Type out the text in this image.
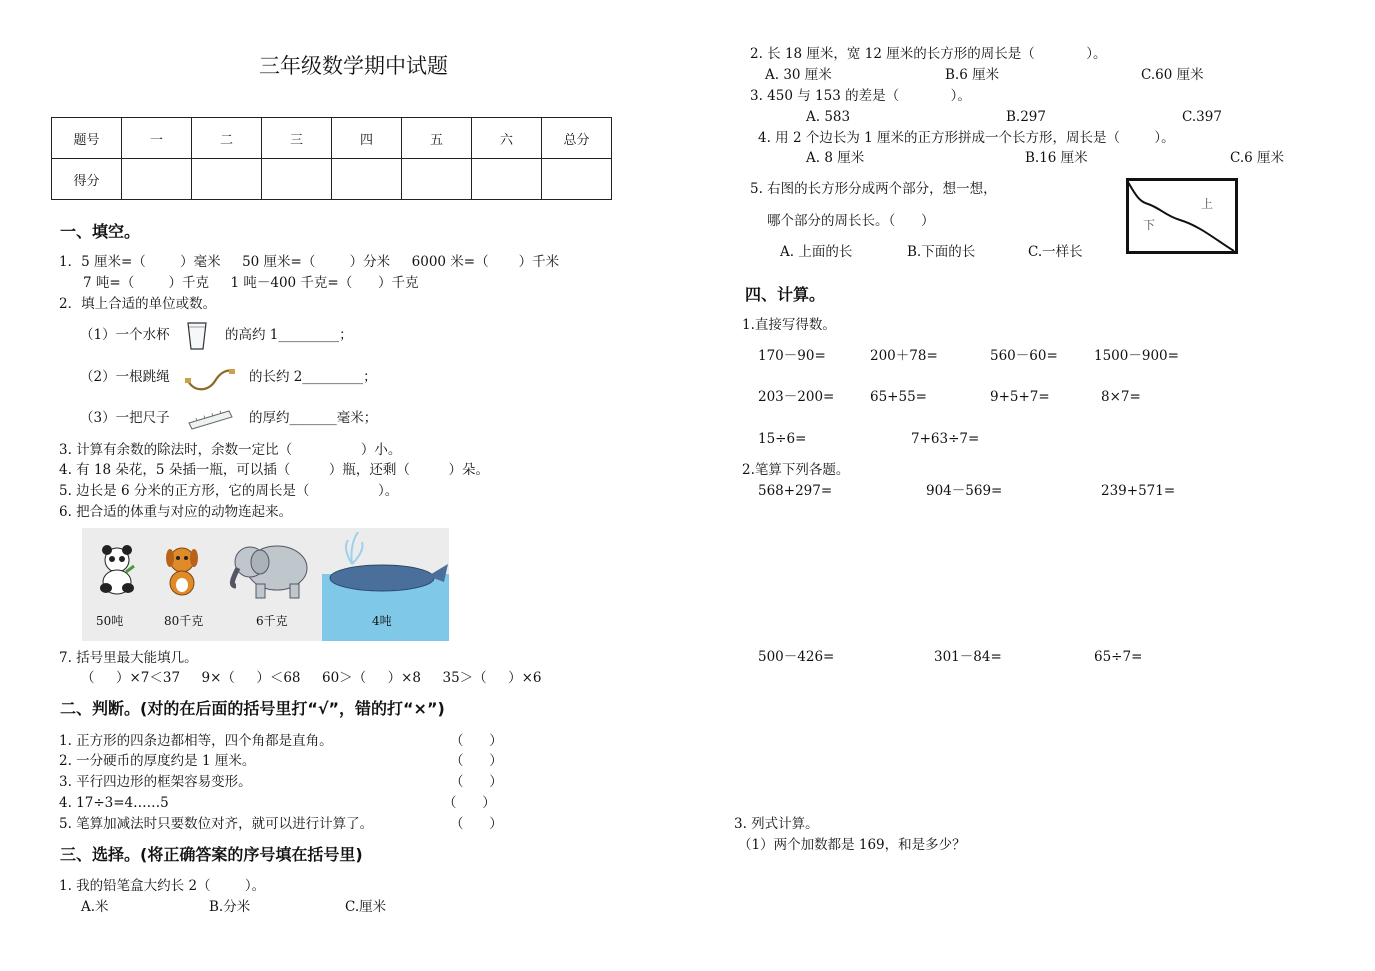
三年级数学期中试题
题号	一	二	三	四	五	六	总分
得分							
一、填空。
1．5 厘米=（        ）毫米     50 厘米=（        ）分米     6000 米=（       ）千米
7 吨=（        ）千克     1 吨－400 千克=（      ）千克
2．填上合适的单位或数。
（1）一个水杯	的高约 1_________；
（2）一根跳绳	的长约 2_________；
（3）一把尺子	的厚约_______毫米；
3. 计算有余数的除法时，余数一定比（                ）小。
4. 有 18 朵花，5 朵插一瓶，可以插（         ）瓶，还剩（         ）朵。
5. 边长是 6 分米的正方形，它的周长是（                ）。
6. 把合适的体重与对应的动物连起来。
50吨	80千克	6千克	4吨
7. 括号里最大能填几。
（     ）×7＜37     9×（     ）＜68     60＞（     ）×8     35＞（     ）×6
二、判断。(对的在后面的括号里打“√”，错的打“×”)
1. 正方形的四条边都相等，四个角都是直角。	（      ）
2. 一分硬币的厚度约是 1 厘米。	（      ）
3. 平行四边形的框架容易变形。	（      ）
4. 17÷3=4……5	（      ）
5. 笔算加减法时只要数位对齐，就可以进行计算了。	（      ）
三、选择。(将正确答案的序号填在括号里)
1. 我的铅笔盒大约长 2（        ）。
A.米	B.分米	C.厘米
2. 长 18 厘米，宽 12 厘米的长方形的周长是（            ）。
A. 30 厘米	B.6 厘米	C.60 厘米
3. 450 与 153 的差是（            ）。
A. 583	B.297	C.397
4. 用 2 个边长为 1 厘米的正方形拼成一个长方形，周长是（        ）。
A. 8 厘米	B.16 厘米	C.6 厘米
5. 右图的长方形分成两个部分，想一想，
哪个部分的周长长。（      ）
A. 上面的长	B.下面的长	C.一样长
上
下
四、计算。
1.直接写得数。
170－90=	200＋78=	560－60=	1500－900=
203－200=	65+55=	9+5+7=	8×7=
15÷6=	7+63÷7=
2.笔算下列各题。
568+297=	904－569=	239+571=
500－426=	301－84=	65÷7=
3. 列式计算。
（1）两个加数都是 169，和是多少？
